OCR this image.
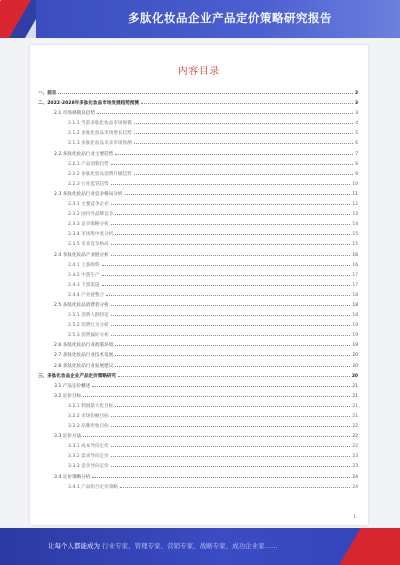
多肽化妆品企业产品定价策略研究报告
内容目录
一、前言	3
二、2022-2028年多肽化妆品市场发展趋势预测	3
2.1 市场规模及趋势	3
2.1.1 当前多肽化妆品市场规模	4
2.1.2 多肽化妆品市场增长趋势	5
2.1.3 多肽化妆品未来市场预测	6
2.2 多肽化妆品行业主要趋势	7
2.2.1 产品创新趋势	8
2.2.2 多肽化妆品消费升级趋势	9
2.2.3 行业监管趋势	10
2.3 多肽化妆品行业竞争格局分析	11
2.3.1 主要竞争企业	12
2.3.2 国内外品牌竞争	13
2.3.3 竞争策略分析	14
2.3.4 市场集中度分析	15
2.3.5 未来竞争格局	15
2.4 多肽化妆品产业链分析	16
2.4.1 上游原料	16
2.4.2 中游生产	17
2.4.3 下游渠道	17
2.4.4 产业链整合	18
2.5 多肽化妆品消费者分析	18
2.5.1 消费人群特征	18
2.5.2 消费行为分析	19
2.5.3 消费偏好分析	19
2.6 多肽化妆品行业政策环境	19
2.7 多肽化妆品行业技术发展	20
2.8 多肽化妆品行业发展建议	20
三、多肽化妆品企业产品定价策略研究	20
3.1 产品定价概述	21
3.2 定价目标	21
3.2.1 利润最大化目标	21
3.2.2 市场份额目标	21
3.2.3 品牌形象目标	22
3.3 定价方法	22
3.3.1 成本导向定价	22
3.3.2 需求导向定价	23
3.3.3 竞争导向定价	23
3.4 定价策略分析	24
3.4.1 产品组合定价策略	24
1
让每个人都能成为 行业专家、管理专家、营销专家、战略专家、成功企业家……
